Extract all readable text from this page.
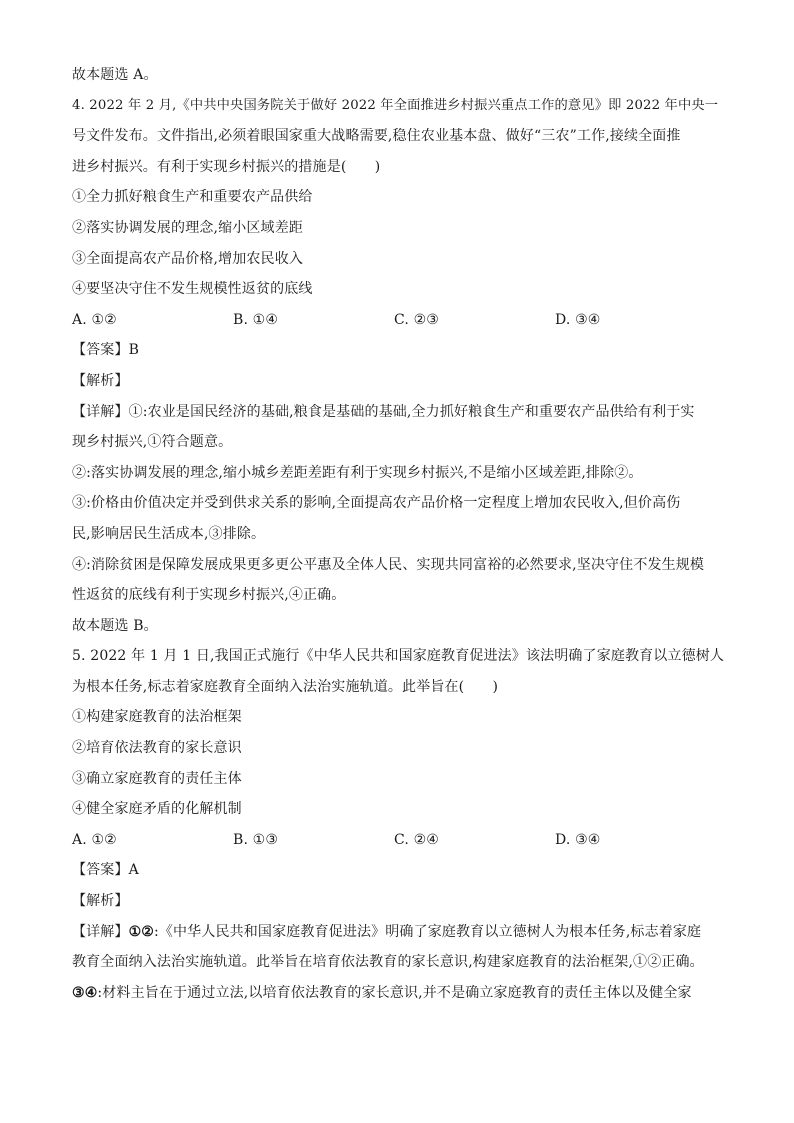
故本题选 A。
4. 2022 年 2 月,《中共中央国务院关于做好 2022 年全面推进乡村振兴重点工作的意见》即 2022 年中央一
号文件发布。文件指出,必须着眼国家重大战略需要,稳住农业基本盘、做好“三农”工作,接续全面推
进乡村振兴。有利于实现乡村振兴的措施是(　　)
①全力抓好粮食生产和重要农产品供给
②落实协调发展的理念,缩小区域差距
③全面提高农产品价格,增加农民收入
④要坚决守住不发生规模性返贫的底线
A. ①②	B. ①④	C. ②③	D. ③④
【答案】B
【解析】
【详解】①:农业是国民经济的基础,粮食是基础的基础,全力抓好粮食生产和重要农产品供给有利于实
现乡村振兴,①符合题意。
②:落实协调发展的理念,缩小城乡差距差距有利于实现乡村振兴,不是缩小区域差距,排除②。
③:价格由价值决定并受到供求关系的影响,全面提高农产品价格一定程度上增加农民收入,但价高伤
民,影响居民生活成本,③排除。
④:消除贫困是保障发展成果更多更公平惠及全体人民、实现共同富裕的必然要求,坚决守住不发生规模
性返贫的底线有利于实现乡村振兴,④正确。
故本题选 B。
5. 2022 年 1 月 1 日,我国正式施行《中华人民共和国家庭教育促进法》该法明确了家庭教育以立德树人
为根本任务,标志着家庭教育全面纳入法治实施轨道。此举旨在(　　)
①构建家庭教育的法治框架
②培育依法教育的家长意识
③确立家庭教育的责任主体
④健全家庭矛盾的化解机制
A. ①②	B. ①③	C. ②④	D. ③④
【答案】A
【解析】
【详解】①②:《中华人民共和国家庭教育促进法》明确了家庭教育以立德树人为根本任务,标志着家庭
教育全面纳入法治实施轨道。此举旨在培育依法教育的家长意识,构建家庭教育的法治框架,①②正确。
③④:材料主旨在于通过立法,以培育依法教育的家长意识,并不是确立家庭教育的责任主体以及健全家
